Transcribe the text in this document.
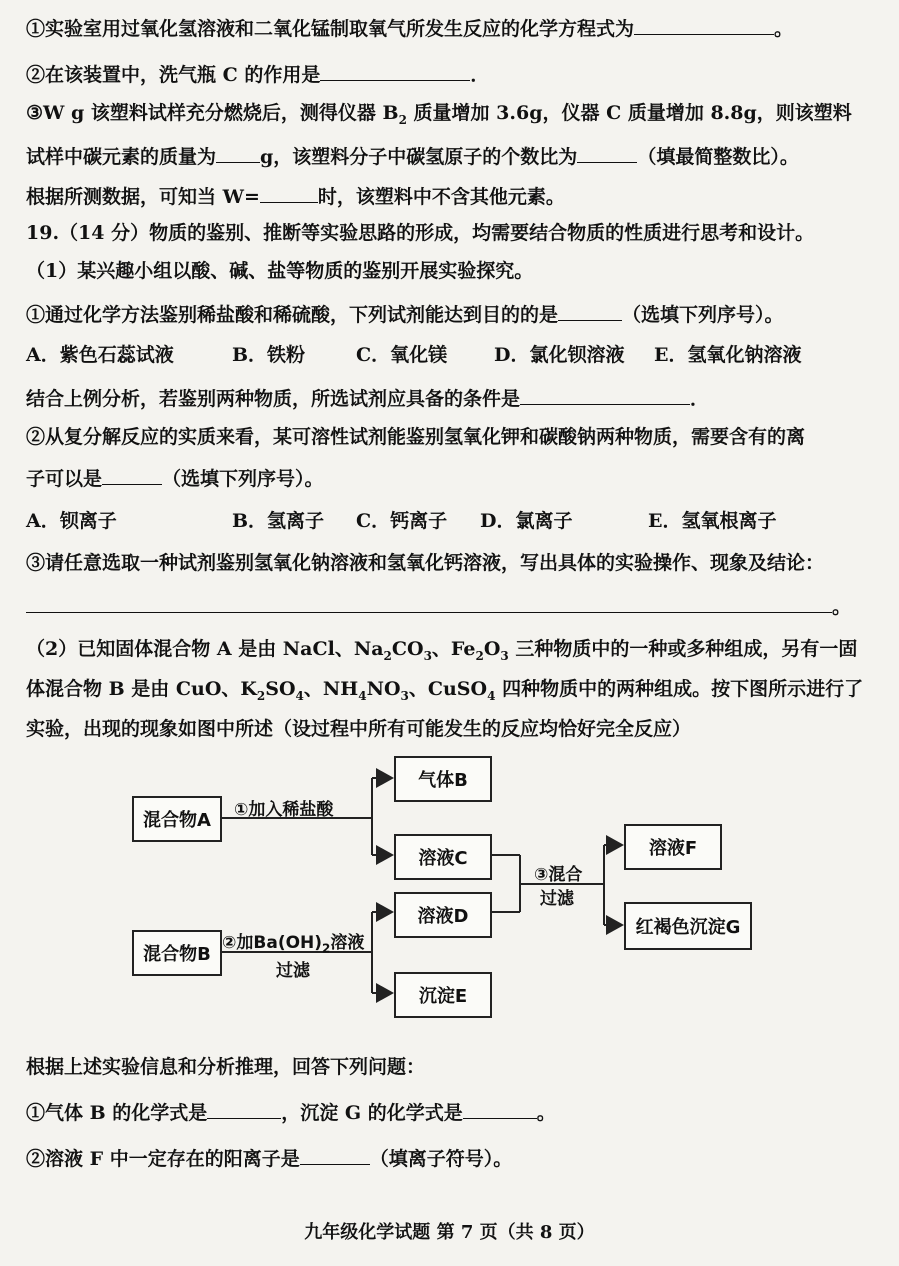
①实验室用过氧化氢溶液和二氧化锰制取氧气所发生反应的化学方程式为	。
②在该装置中，洗气瓶 C 的作用是	．
③W g 该塑料试样充分燃烧后，测得仪器 $B_2$ 质量增加 3.6g，仪器 C 质量增加 8.8g，则该塑料
试样中碳元素的质量为 g，该塑料分子中碳氢原子的个数比为	（填最简整数比）。
根据所测数据，可知当 W=	时，该塑料中不含其他元素。
19.（14 分）物质的鉴别、推断等实验思路的形成，均需要结合物质的性质进行思考和设计。
（1）某兴趣小组以酸、碱、盐等物质的鉴别开展实验探究。
①通过化学方法鉴别稀盐酸和稀硫酸，下列试剂能达到目的的是	（选填下列序号）。
A．紫色石蕊试液	B．铁粉	C．氧化镁 D．氯化钡溶液 E．氢氧化钠溶液
结合上例分析，若鉴别两种物质，所选试剂应具备的条件是	．
②从复分解反应的实质来看，某可溶性试剂能鉴别氢氧化钾和碳酸钠两种物质，需要含有的离
子可以是	（选填下列序号）。
A．钡离子	B．氢离子 C．钙离子 D．氯离子	E．氢氧根离子
③请任意选取一种试剂鉴别氢氧化钠溶液和氢氧化钙溶液，写出具体的实验操作、现象及结论：
。
（2）已知固体混合物 A 是由 NaCl、$Na_2CO_3$、$Fe_2O_3$ 三种物质中的一种或多种组成，另有一固
体混合物 B 是由 CuO、$K_2SO_4$、$NH_4NO_3$、CuSO$_4$ 四种物质中的两种组成。按下图所示进行了
实验，出现的现象如图中所述（设过程中所有可能发生的反应均恰好完全反应）
混合物A
混合物B
气体B
溶液C
溶液D
沉淀E
溶液F
红褐色沉淀G
①加入稀盐酸
②加$Ba(OH)_2$溶液
过滤
③混合
过滤
根据上述实验信息和分析推理，回答下列问题：
①气体 B 的化学式是	，沉淀 G 的化学式是	。
②溶液 F 中一定存在的阳离子是	（填离子符号）。
九年级化学试题 第 7 页（共 8 页）
